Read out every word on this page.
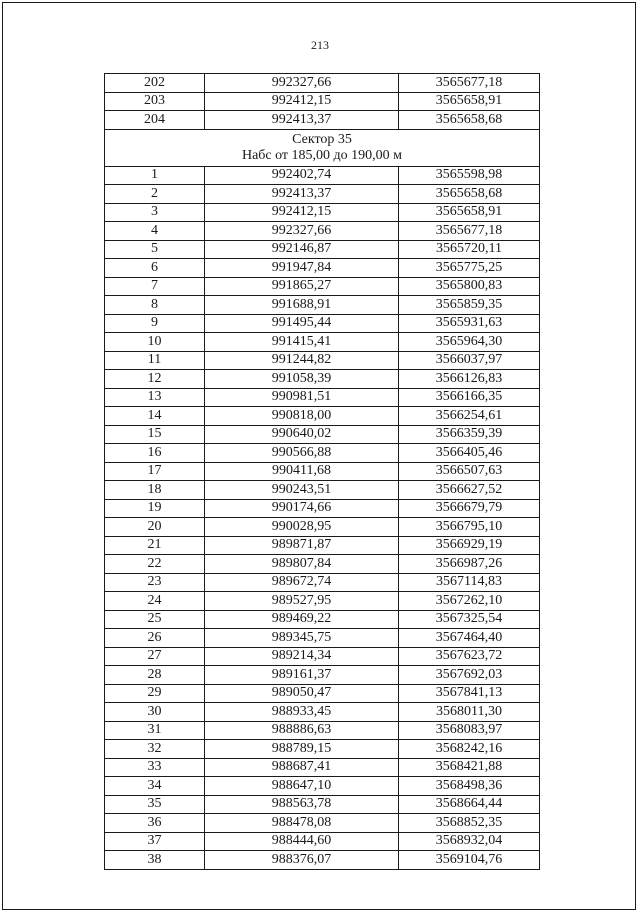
213
202	992327,66	3565677,18
203	992412,15	3565658,91
204	992413,37	3565658,68

Сектор 35
Набс от 185,00 до 190,00 м		

1	992402,74	3565598,98
2	992413,37	3565658,68
3	992412,15	3565658,91
4	992327,66	3565677,18
5	992146,87	3565720,11
6	991947,84	3565775,25
7	991865,27	3565800,83
8	991688,91	3565859,35
9	991495,44	3565931,63
10	991415,41	3565964,30
11	991244,82	3566037,97
12	991058,39	3566126,83
13	990981,51	3566166,35
14	990818,00	3566254,61
15	990640,02	3566359,39
16	990566,88	3566405,46
17	990411,68	3566507,63
18	990243,51	3566627,52
19	990174,66	3566679,79
20	990028,95	3566795,10
21	989871,87	3566929,19
22	989807,84	3566987,26
23	989672,74	3567114,83
24	989527,95	3567262,10
25	989469,22	3567325,54
26	989345,75	3567464,40
27	989214,34	3567623,72
28	989161,37	3567692,03
29	989050,47	3567841,13
30	988933,45	3568011,30
31	988886,63	3568083,97
32	988789,15	3568242,16
33	988687,41	3568421,88
34	988647,10	3568498,36
35	988563,78	3568664,44
36	988478,08	3568852,35
37	988444,60	3568932,04
38	988376,07	3569104,76
